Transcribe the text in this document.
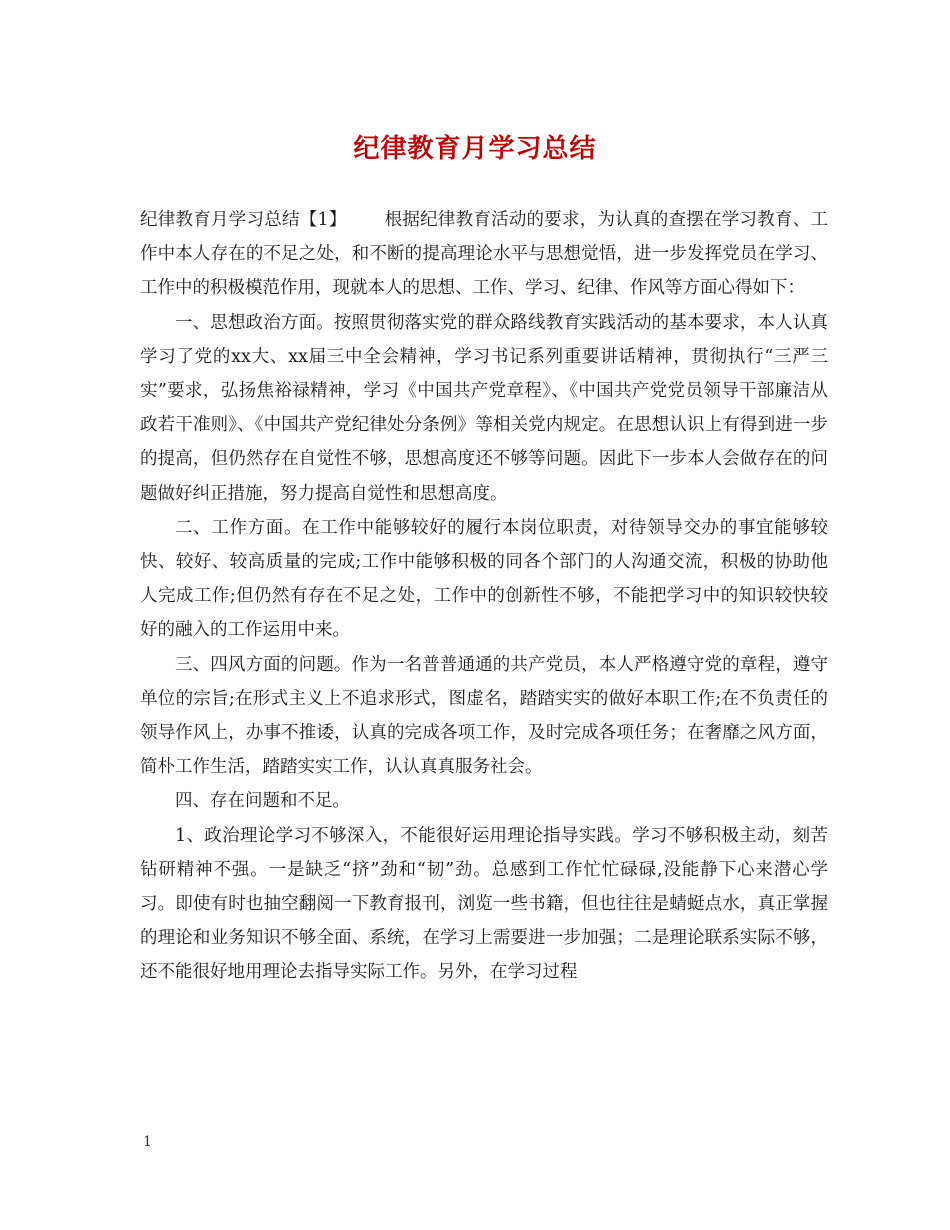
纪律教育月学习总结

纪律教育月学习总结【1】 根据纪律教育活动的要求，为认真的查摆在学习教育、工作中本人存在的不足之处，和不断的提高理论水平与思想觉悟，进一步发挥党员在学习、工作中的积极模范作用，现就本人的思想、工作、学习、纪律、作风等方面心得如下：

一、思想政治方面。按照贯彻落实党的群众路线教育实践活动的基本要求，本人认真学习了党的xx大、xx届三中全会精神，学习书记系列重要讲话精神，贯彻执行“三严三实”要求，弘扬焦裕禄精神，学习《中国共产党章程》、《中国共产党党员领导干部廉洁从政若干准则》、《中国共产党纪律处分条例》等相关党内规定。在思想认识上有得到进一步的提高，但仍然存在自觉性不够，思想高度还不够等问题。因此下一步本人会做存在的问题做好纠正措施，努力提高自觉性和思想高度。

二、工作方面。在工作中能够较好的履行本岗位职责，对待领导交办的事宜能够较快、较好、较高质量的完成;工作中能够积极的同各个部门的人沟通交流，积极的协助他人完成工作;但仍然有存在不足之处，工作中的创新性不够，不能把学习中的知识较快较好的融入的工作运用中来。

三、四风方面的问题。作为一名普普通通的共产党员，本人严格遵守党的章程，遵守单位的宗旨;在形式主义上不追求形式，图虚名，踏踏实实的做好本职工作;在不负责任的领导作风上，办事不推诿，认真的完成各项工作，及时完成各项任务；在奢靡之风方面，简朴工作生活，踏踏实实工作，认认真真服务社会。

四、存在问题和不足。

1、政治理论学习不够深入，不能很好运用理论指导实践。学习不够积极主动，刻苦钻研精神不强。一是缺乏“挤”劲和“韧”劲。总感到工作忙忙碌碌,没能静下心来潜心学习。即使有时也抽空翻阅一下教育报刊，浏览一些书籍，但也往往是蜻蜓点水，真正掌握的理论和业务知识不够全面、系统，在学习上需要进一步加强；二是理论联系实际不够，还不能很好地用理论去指导实际工作。另外，在学习过程

1
